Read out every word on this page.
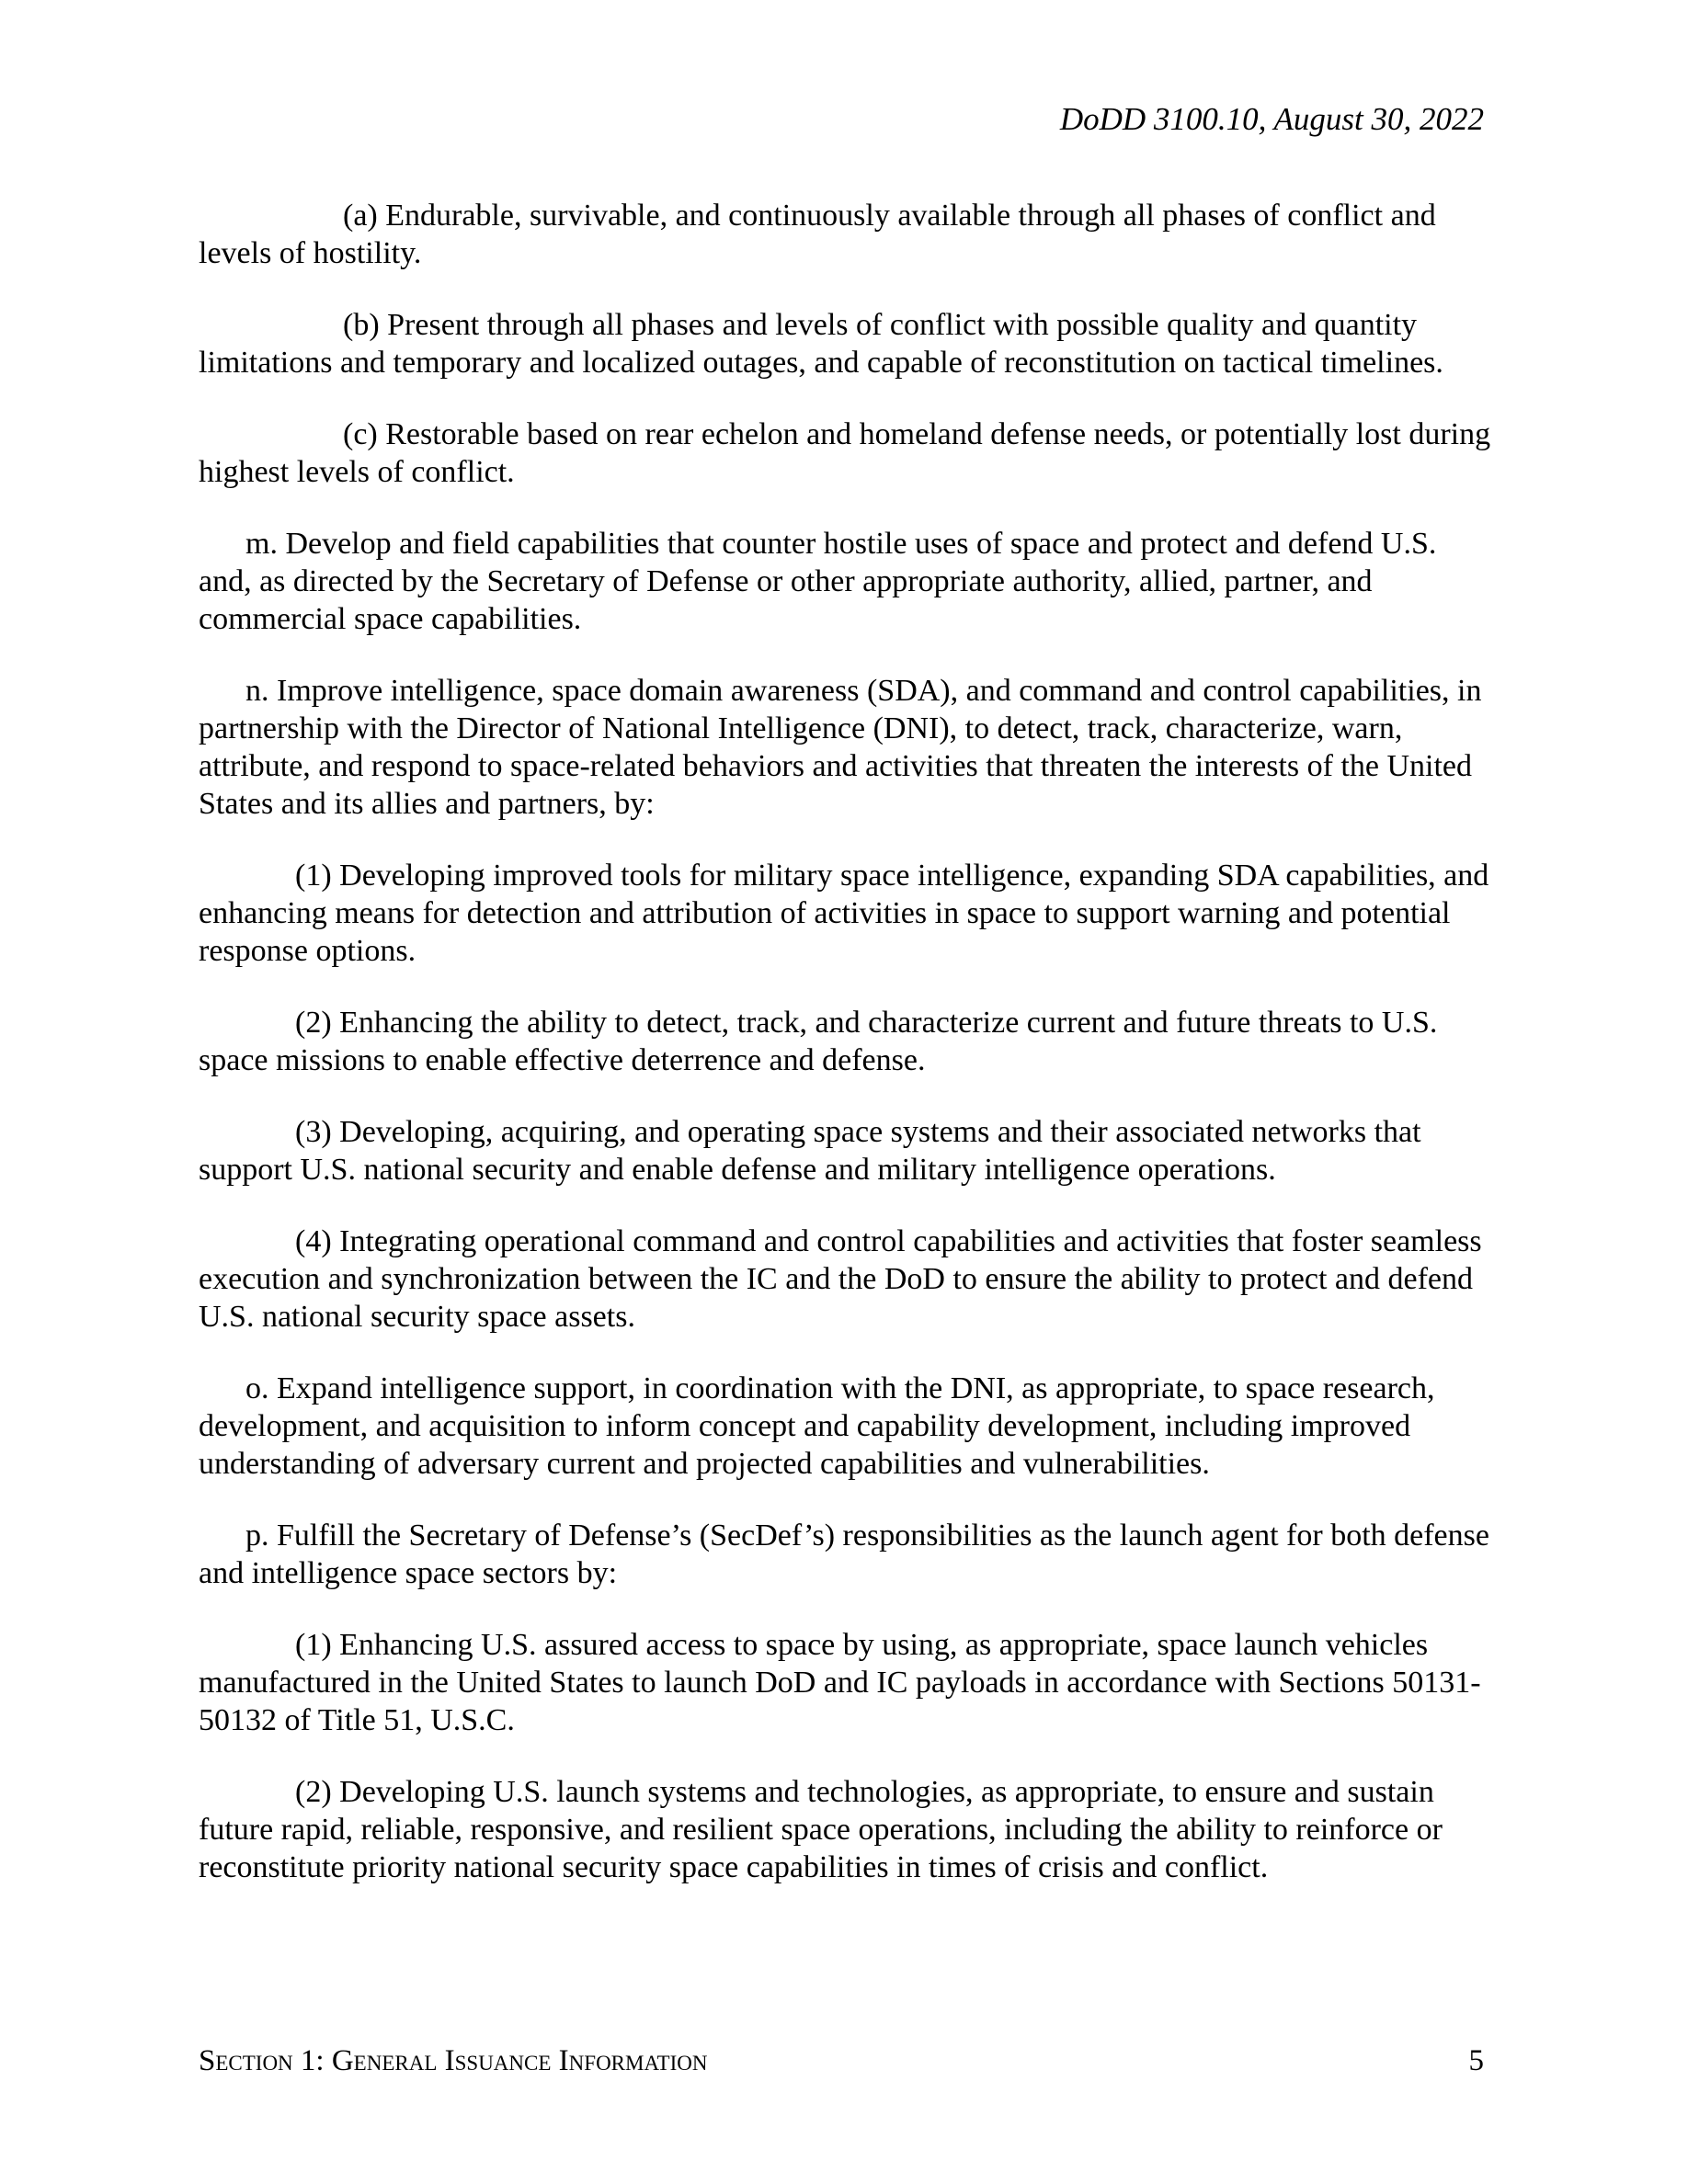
DoDD 3100.10, August 30, 2022

(a) Endurable, survivable, and continuously available through all phases of conflict and levels of hostility.

(b) Present through all phases and levels of conflict with possible quality and quantity limitations and temporary and localized outages, and capable of reconstitution on tactical timelines.

(c) Restorable based on rear echelon and homeland defense needs, or potentially lost during highest levels of conflict.

m. Develop and field capabilities that counter hostile uses of space and protect and defend U.S. and, as directed by the Secretary of Defense or other appropriate authority, allied, partner, and commercial space capabilities.

n. Improve intelligence, space domain awareness (SDA), and command and control capabilities, in partnership with the Director of National Intelligence (DNI), to detect, track, characterize, warn, attribute, and respond to space-related behaviors and activities that threaten the interests of the United States and its allies and partners, by:

(1) Developing improved tools for military space intelligence, expanding SDA capabilities, and enhancing means for detection and attribution of activities in space to support warning and potential response options.

(2) Enhancing the ability to detect, track, and characterize current and future threats to U.S. space missions to enable effective deterrence and defense.

(3) Developing, acquiring, and operating space systems and their associated networks that support U.S. national security and enable defense and military intelligence operations.

(4) Integrating operational command and control capabilities and activities that foster seamless execution and synchronization between the IC and the DoD to ensure the ability to protect and defend U.S. national security space assets.

o. Expand intelligence support, in coordination with the DNI, as appropriate, to space research, development, and acquisition to inform concept and capability development, including improved understanding of adversary current and projected capabilities and vulnerabilities.

p. Fulfill the Secretary of Defense’s (SecDef’s) responsibilities as the launch agent for both defense and intelligence space sectors by:

(1) Enhancing U.S. assured access to space by using, as appropriate, space launch vehicles manufactured in the United States to launch DoD and IC payloads in accordance with Sections 50131-50132 of Title 51, U.S.C.

(2) Developing U.S. launch systems and technologies, as appropriate, to ensure and sustain future rapid, reliable, responsive, and resilient space operations, including the ability to reinforce or reconstitute priority national security space capabilities in times of crisis and conflict.

Section 1: General Issuance Information	5
